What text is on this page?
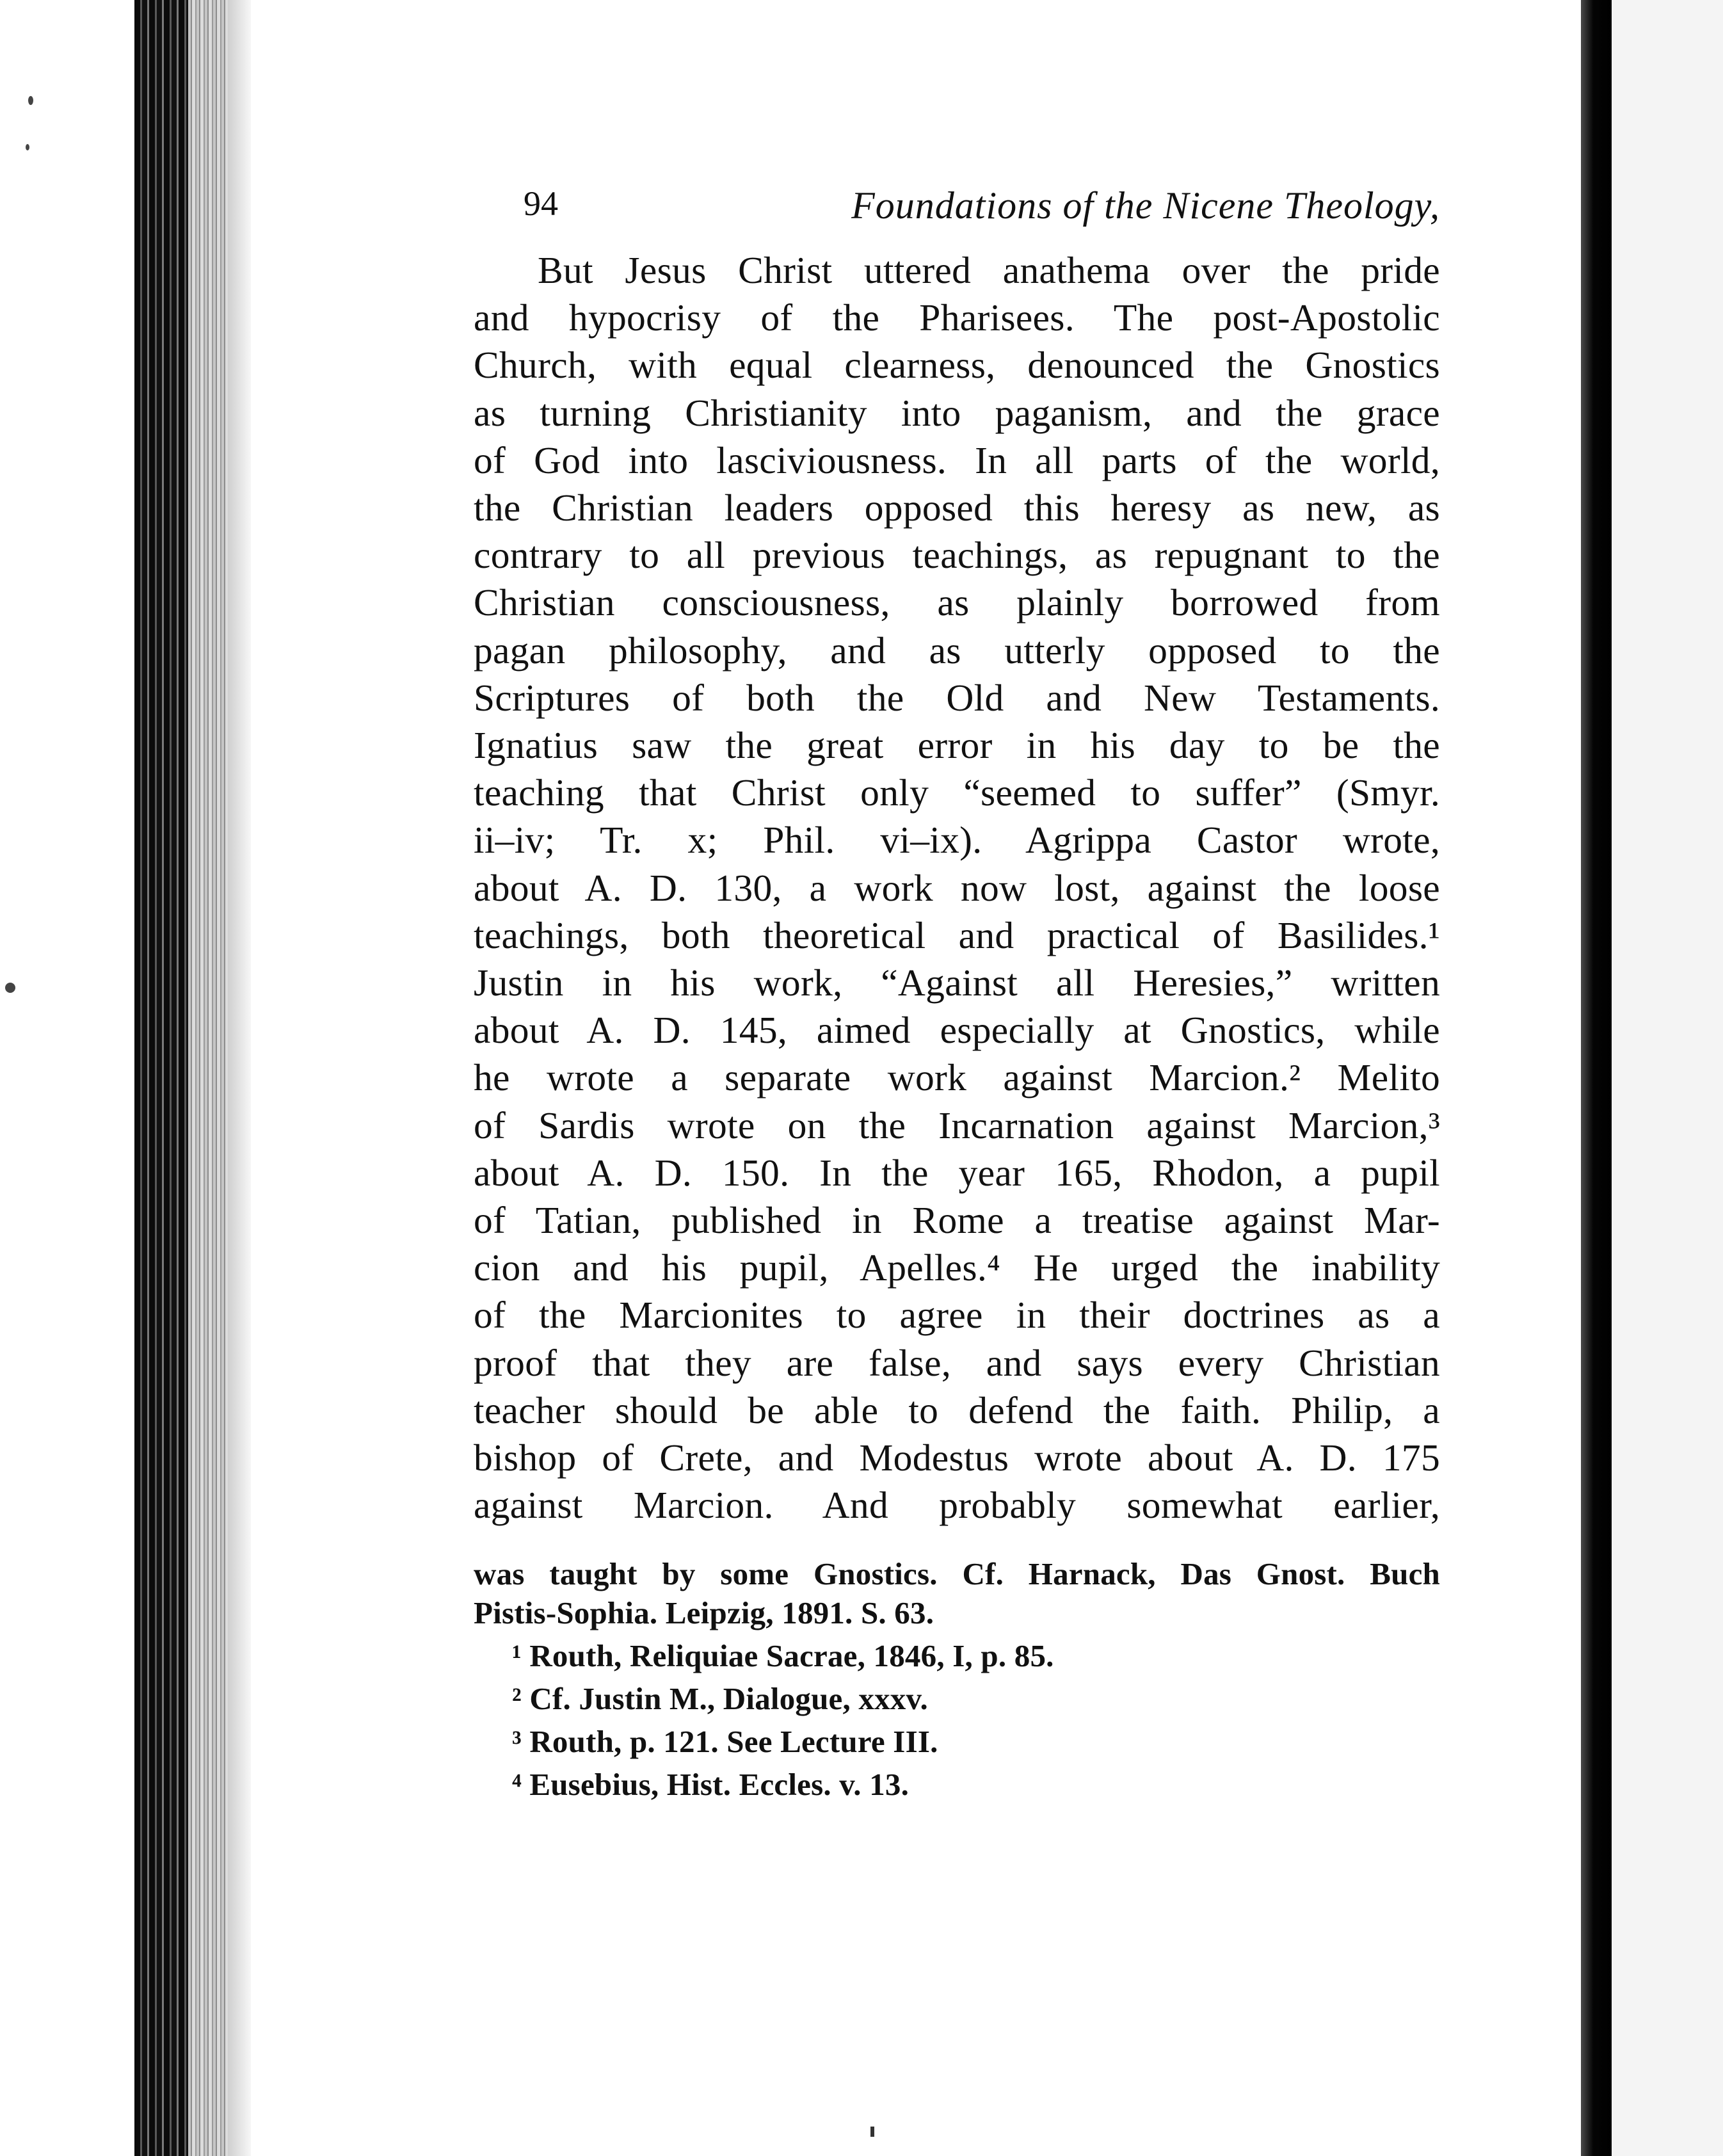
94	Foundations of the Nicene Theology,
But Jesus Christ uttered anathema over the pride
and hypocrisy of the Pharisees. The post-Apostolic
Church, with equal clearness, denounced the Gnostics
as turning Christianity into paganism, and the grace
of God into lasciviousness. In all parts of the world,
the Christian leaders opposed this heresy as new, as
contrary to all previous teachings, as repugnant to the
Christian consciousness, as plainly borrowed from
pagan philosophy, and as utterly opposed to the
Scriptures of both the Old and New Testaments.
Ignatius saw the great error in his day to be the
teaching that Christ only “seemed to suffer” (Smyr.
ii–iv; Tr. x; Phil. vi–ix). Agrippa Castor wrote,
about A. D. 130, a work now lost, against the loose
teachings, both theoretical and practical of Basilides.¹
Justin in his work, “Against all Heresies,” written
about A. D. 145, aimed especially at Gnostics, while
he wrote a separate work against Marcion.² Melito
of Sardis wrote on the Incarnation against Marcion,³
about A. D. 150. In the year 165, Rhodon, a pupil
of Tatian, published in Rome a treatise against Mar-
cion and his pupil, Apelles.⁴ He urged the inability
of the Marcionites to agree in their doctrines as a
proof that they are false, and says every Christian
teacher should be able to defend the faith. Philip, a
bishop of Crete, and Modestus wrote about A. D. 175
against Marcion. And probably somewhat earlier,
was taught by some Gnostics. Cf. Harnack, Das Gnost. Buch
Pistis-Sophia. Leipzig, 1891. S. 63.
¹ Routh, Reliquiae Sacrae, 1846, I, p. 85.
² Cf. Justin M., Dialogue, xxxv.
³ Routh, p. 121. See Lecture III.
⁴ Eusebius, Hist. Eccles. v. 13.
